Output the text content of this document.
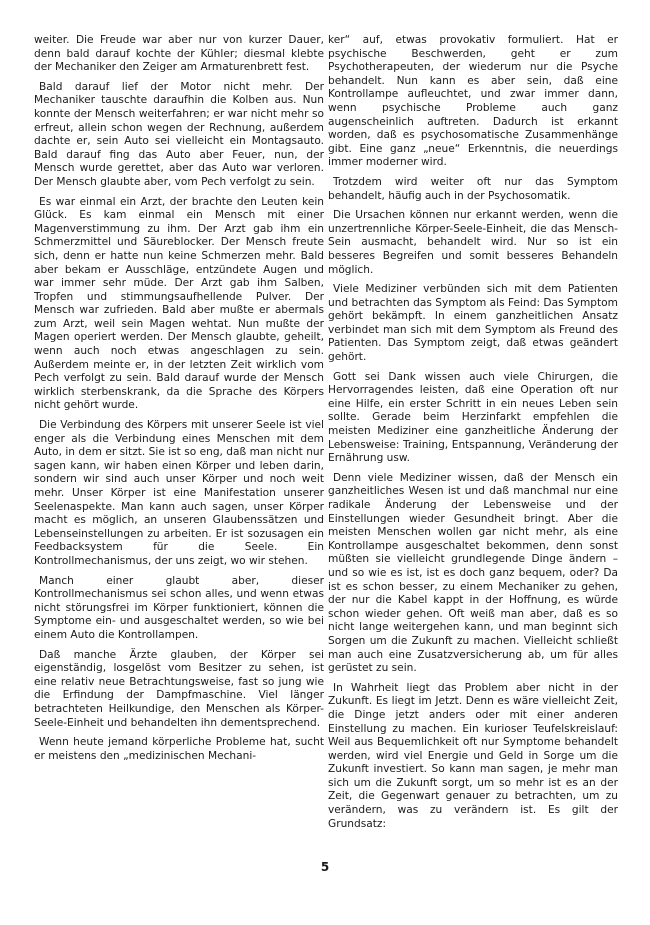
weiter. Die Freude war aber nur von kurzer Dauer, denn bald darauf kochte der Kühler; diesmal klebte der Mechaniker den Zeiger am Armaturenbrett fest.

Bald darauf lief der Motor nicht mehr. Der Mechaniker tauschte daraufhin die Kolben aus. Nun konnte der Mensch weiterfahren; er war nicht mehr so erfreut, allein schon wegen der Rechnung, außerdem dachte er, sein Auto sei vielleicht ein Montagsauto. Bald darauf fing das Auto aber Feuer, nun, der Mensch wurde gerettet, aber das Auto war verloren. Der Mensch glaubte aber, vom Pech verfolgt zu sein.

Es war einmal ein Arzt, der brachte den Leuten kein Glück. Es kam einmal ein Mensch mit einer Magenverstimmung zu ihm. Der Arzt gab ihm ein Schmerzmittel und Säureblocker. Der Mensch freute sich, denn er hatte nun keine Schmerzen mehr. Bald aber bekam er Ausschläge, entzündete Augen und war immer sehr müde. Der Arzt gab ihm Salben, Tropfen und stimmungsaufhellende Pulver. Der Mensch war zufrieden. Bald aber mußte er abermals zum Arzt, weil sein Magen wehtat. Nun mußte der Magen operiert werden. Der Mensch glaubte, geheilt, wenn auch noch etwas angeschlagen zu sein. Außerdem meinte er, in der letzten Zeit wirklich vom Pech verfolgt zu sein. Bald darauf wurde der Mensch wirklich sterbenskrank, da die Sprache des Körpers nicht gehört wurde.

Die Verbindung des Körpers mit unserer Seele ist viel enger als die Verbindung eines Menschen mit dem Auto, in dem er sitzt. Sie ist so eng, daß man nicht nur sagen kann, wir haben einen Körper und leben darin, sondern wir sind auch unser Körper und noch weit mehr. Unser Körper ist eine Manifestation unserer Seelenaspekte. Man kann auch sagen, unser Körper macht es möglich, an unseren Glaubenssätzen und Lebenseinstellungen zu arbeiten. Er ist sozusagen ein Feedbacksystem für die Seele. Ein Kontrollmechanismus, der uns zeigt, wo wir stehen.

Manch einer glaubt aber, dieser Kontrollmechanismus sei schon alles, und wenn etwas nicht störungsfrei im Körper funktioniert, können die Symptome ein- und ausgeschaltet werden, so wie bei einem Auto die Kontrollampen.

Daß manche Ärzte glauben, der Körper sei eigenständig, losgelöst vom Besitzer zu sehen, ist eine relativ neue Betrachtungsweise, fast so jung wie die Erfindung der Dampfmaschine. Viel länger betrachteten Heilkundige, den Menschen als Körper-Seele-Einheit und behandelten ihn dementsprechend.

Wenn heute jemand körperliche Probleme hat, sucht er meistens den „medizinischen Mechani-

ker“ auf, etwas provokativ formuliert. Hat er psychische Beschwerden, geht er zum Psychotherapeuten, der wiederum nur die Psyche behandelt. Nun kann es aber sein, daß eine Kontrollampe aufleuchtet, und zwar immer dann, wenn psychische Probleme auch ganz augenscheinlich auftreten. Dadurch ist erkannt worden, daß es psychosomatische Zusammenhänge gibt. Eine ganz „neue“ Erkenntnis, die neuerdings immer moderner wird.

Trotzdem wird weiter oft nur das Symptom behandelt, häufig auch in der Psychosomatik.

Die Ursachen können nur erkannt werden, wenn die unzertrennliche Körper-Seele-Einheit, die das Mensch-Sein ausmacht, behandelt wird. Nur so ist ein besseres Begreifen und somit besseres Behandeln möglich.

Viele Mediziner verbünden sich mit dem Patienten und betrachten das Symptom als Feind: Das Symptom gehört bekämpft. In einem ganzheitlichen Ansatz verbindet man sich mit dem Symptom als Freund des Patienten. Das Symptom zeigt, daß etwas geändert gehört.

Gott sei Dank wissen auch viele Chirurgen, die Hervorragendes leisten, daß eine Operation oft nur eine Hilfe, ein erster Schritt in ein neues Leben sein sollte. Gerade beim Herzinfarkt empfehlen die meisten Mediziner eine ganzheitliche Änderung der Lebensweise: Training, Entspannung, Veränderung der Ernährung usw.

Denn viele Mediziner wissen, daß der Mensch ein ganzheitliches Wesen ist und daß manchmal nur eine radikale Änderung der Lebensweise und der Einstellungen wieder Gesundheit bringt. Aber die meisten Menschen wollen gar nicht mehr, als eine Kontrollampe ausgeschaltet bekommen, denn sonst müßten sie vielleicht grundlegende Dinge ändern – und so wie es ist, ist es doch ganz bequem, oder? Da ist es schon besser, zu einem Mechaniker zu gehen, der nur die Kabel kappt in der Hoffnung, es würde schon wieder gehen. Oft weiß man aber, daß es so nicht lange weitergehen kann, und man beginnt sich Sorgen um die Zukunft zu machen. Vielleicht schließt man auch eine Zusatzversicherung ab, um für alles gerüstet zu sein.

In Wahrheit liegt das Problem aber nicht in der Zukunft. Es liegt im Jetzt. Denn es wäre vielleicht Zeit, die Dinge jetzt anders oder mit einer anderen Einstellung zu machen. Ein kurioser Teufelskreislauf: Weil aus Bequemlichkeit oft nur Symptome behandelt werden, wird viel Energie und Geld in Sorge um die Zukunft investiert. So kann man sagen, je mehr man sich um die Zukunft sorgt, um so mehr ist es an der Zeit, die Gegenwart genauer zu betrachten, um zu verändern, was zu verändern ist. Es gilt der Grundsatz:

5
